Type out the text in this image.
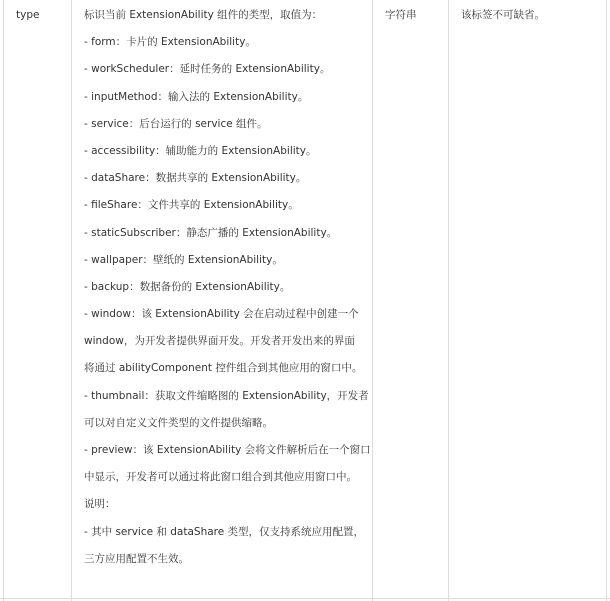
type	标识当前 ExtensionAbility 组件的类型，取值为：
- form：卡片的 ExtensionAbility。
- workScheduler：延时任务的 ExtensionAbility。
- inputMethod：输入法的 ExtensionAbility。
- service：后台运行的 service 组件。
- accessibility：辅助能力的 ExtensionAbility。
- dataShare：数据共享的 ExtensionAbility。
- fileShare：文件共享的 ExtensionAbility。
- staticSubscriber：静态广播的 ExtensionAbility。
- wallpaper：壁纸的 ExtensionAbility。
- backup：数据备份的 ExtensionAbility。
- window：该 ExtensionAbility 会在启动过程中创建一个
window，为开发者提供界面开发。开发者开发出来的界面
将通过 abilityComponent 控件组合到其他应用的窗口中。
- thumbnail：获取文件缩略图的 ExtensionAbility，开发者
可以对自定义文件类型的文件提供缩略。
- preview：该 ExtensionAbility 会将文件解析后在一个窗口
中显示，开发者可以通过将此窗口组合到其他应用窗口中。
说明：
- 其中 service 和 dataShare 类型，仅支持系统应用配置，
三方应用配置不生效。
字符串	该标签不可缺省。
